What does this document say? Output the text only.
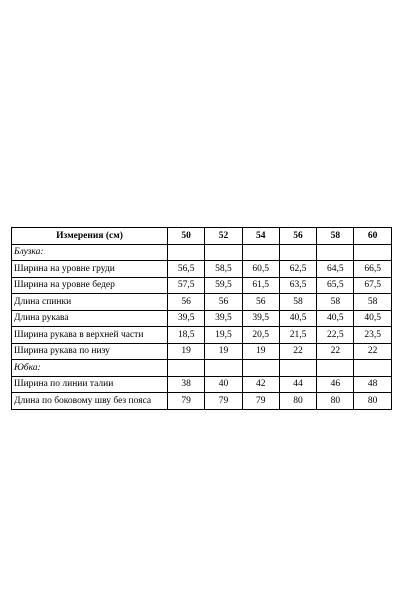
Измерения (см)	50	52	54	56	58	60
Блузка:						
Ширина на уровне груди	56,5	58,5	60,5	62,5	64,5	66,5
Ширина на уровне бедер	57,5	59,5	61,5	63,5	65,5	67,5
Длина спинки	56	56	56	58	58	58
Длина рукава	39,5	39,5	39,5	40,5	40,5	40,5
Ширина рукава в верхней части	18,5	19,5	20,5	21,5	22,5	23,5
Ширина рукава по низу	19	19	19	22	22	22
Юбка:						
Ширина по линии талии	38	40	42	44	46	48
Длина по боковому шву без пояса	79	79	79	80	80	80
